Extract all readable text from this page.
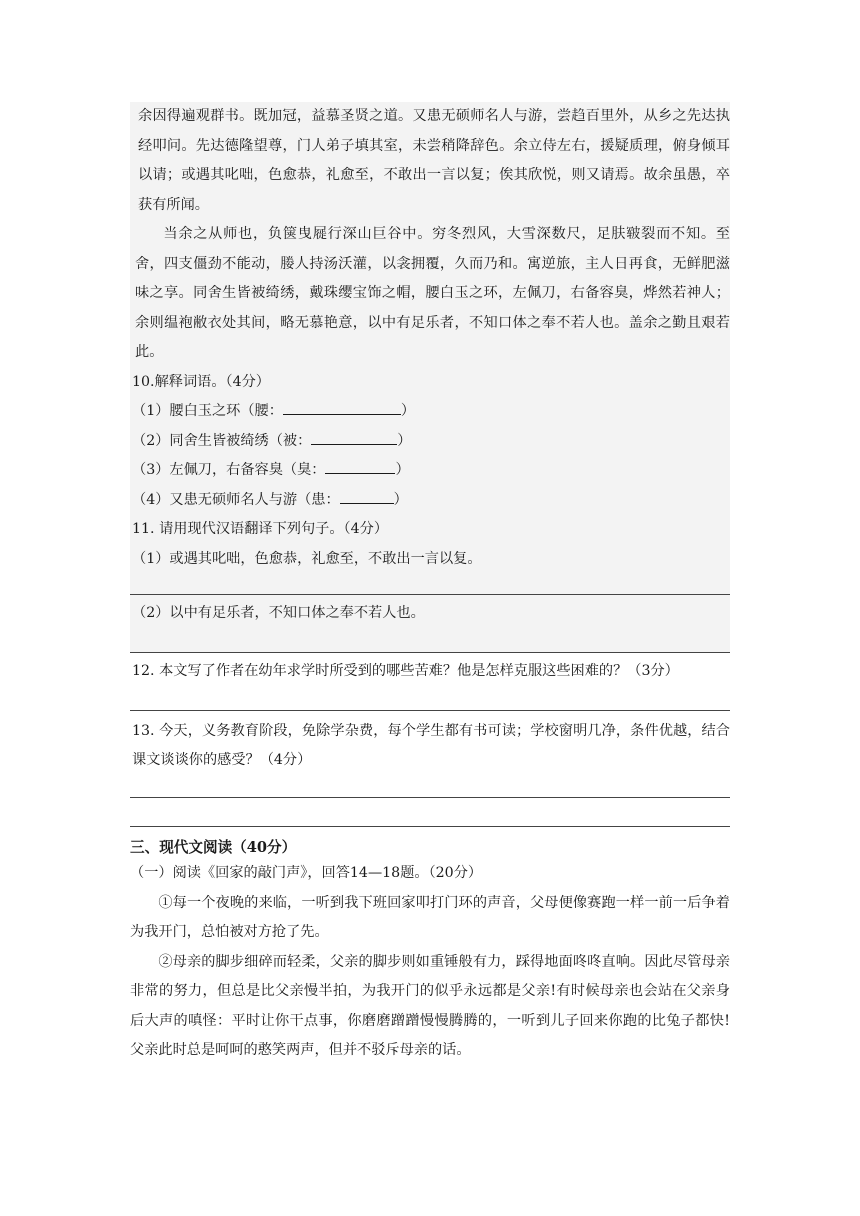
余因得遍观群书。既加冠，益慕圣贤之道。又患无硕师名人与游，尝趋百里外，从乡之先达执经叩问。先达德隆望尊，门人弟子填其室，未尝稍降辞色。余立侍左右，援疑质理，俯身倾耳以请；或遇其叱咄，色愈恭，礼愈至，不敢出一言以复；俟其欣悦，则又请焉。故余虽愚，卒获有所闻。
当余之从师也，负箧曳屣行深山巨谷中。穷冬烈风，大雪深数尺，足肤皲裂而不知。至舍，四支僵劲不能动，媵人持汤沃灌，以衾拥覆，久而乃和。寓逆旅，主人日再食，无鲜肥滋味之享。同舍生皆被绮绣，戴珠缨宝饰之帽，腰白玉之环，左佩刀，右备容臭，烨然若神人；余则缊袍敝衣处其间，略无慕艳意，以中有足乐者，不知口体之奉不若人也。盖余之勤且艰若此。
10.解释词语。（4分）
（1）腰白玉之环（腰：	）
（2）同舍生皆被绮绣（被：	）
（3）左佩刀，右备容臭（臭：	）
（4）又患无硕师名人与游（患：	）
11. 请用现代汉语翻译下列句子。（4分）
（1）或遇其叱咄，色愈恭，礼愈至，不敢出一言以复。
（2）以中有足乐者，不知口体之奉不若人也。
12. 本文写了作者在幼年求学时所受到的哪些苦难？他是怎样克服这些困难的？（3分）
13. 今天，义务教育阶段，免除学杂费，每个学生都有书可读；学校窗明几净，条件优越，结合课文谈谈你的感受？（4分）
三、现代文阅读（40分）
（一）阅读《回家的敲门声》，回答14—18题。（20分）
①每一个夜晚的来临，一听到我下班回家叩打门环的声音，父母便像赛跑一样一前一后争着为我开门，总怕被对方抢了先。
②母亲的脚步细碎而轻柔，父亲的脚步则如重锤般有力，踩得地面咚咚直响。因此尽管母亲非常的努力，但总是比父亲慢半拍，为我开门的似乎永远都是父亲!有时候母亲也会站在父亲身后大声的嗔怪：平时让你干点事，你磨磨蹭蹭慢慢腾腾的，一听到儿子回来你跑的比兔子都快!父亲此时总是呵呵的憨笑两声，但并不驳斥母亲的话。
